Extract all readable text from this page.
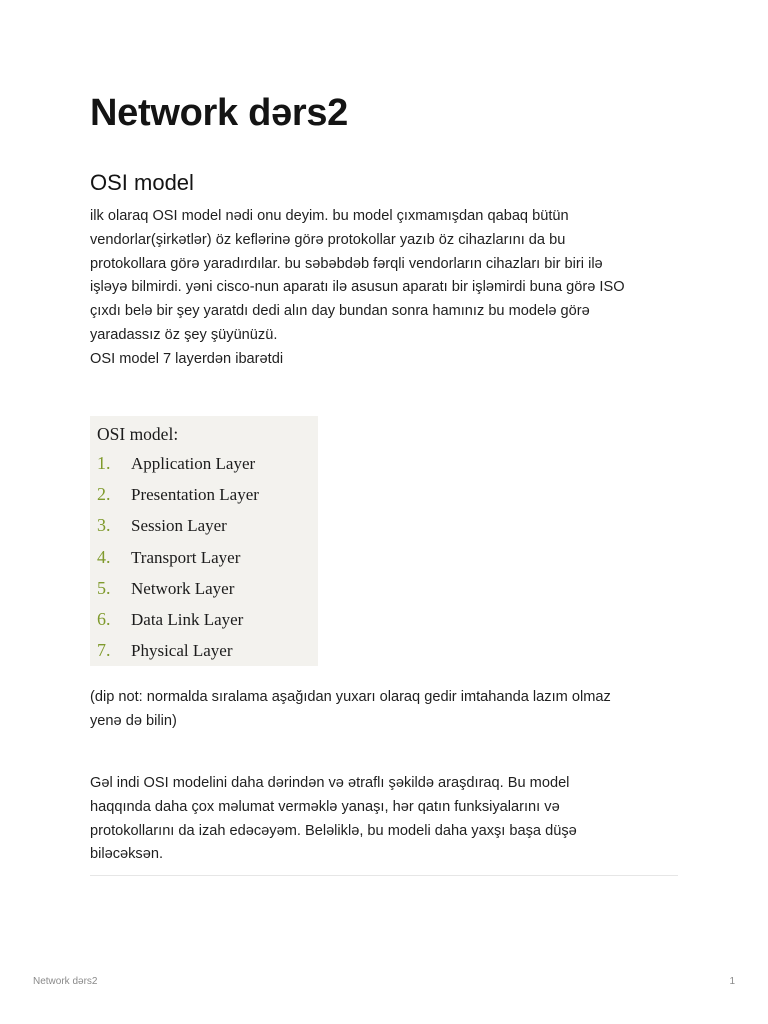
Network dərs2
OSI model

ilk olaraq OSI model nədi onu deyim. bu model çıxmamışdan qabaq bütün
vendorlar(şirkətlər) öz keflərinə görə protokollar yazıb öz cihazlarını da bu
protokollara görə yaradırdılar. bu səbəbdəb fərqli vendorların cihazları bir biri ilə
işləyə bilmirdi. yəni cisco-nun aparatı ilə asusun aparatı bir işləmirdi buna görə ISO
çıxdı belə bir şey yaratdı dedi alın day bundan sonra hamınız bu modelə görə
yaradassız öz şey şüyünüzü.
OSI model 7 layerdən ibarətdi

OSI model:
1. Application Layer
2. Presentation Layer
3. Session Layer
4. Transport Layer
5. Network Layer
6. Data Link Layer
7. Physical Layer

(dip not: normalda sıralama aşağıdan yuxarı olaraq gedir imtahanda lazım olmaz
yenə də bilin)

Gəl indi OSI modelini daha dərindən və ətraflı şəkildə araşdıraq. Bu model
haqqında daha çox məlumat verməklə yanaşı, hər qatın funksiyalarını və
protokollarını da izah edəcəyəm. Beləliklə, bu modeli daha yaxşı başa düşə
biləcəksən.

Network dərs2	1
